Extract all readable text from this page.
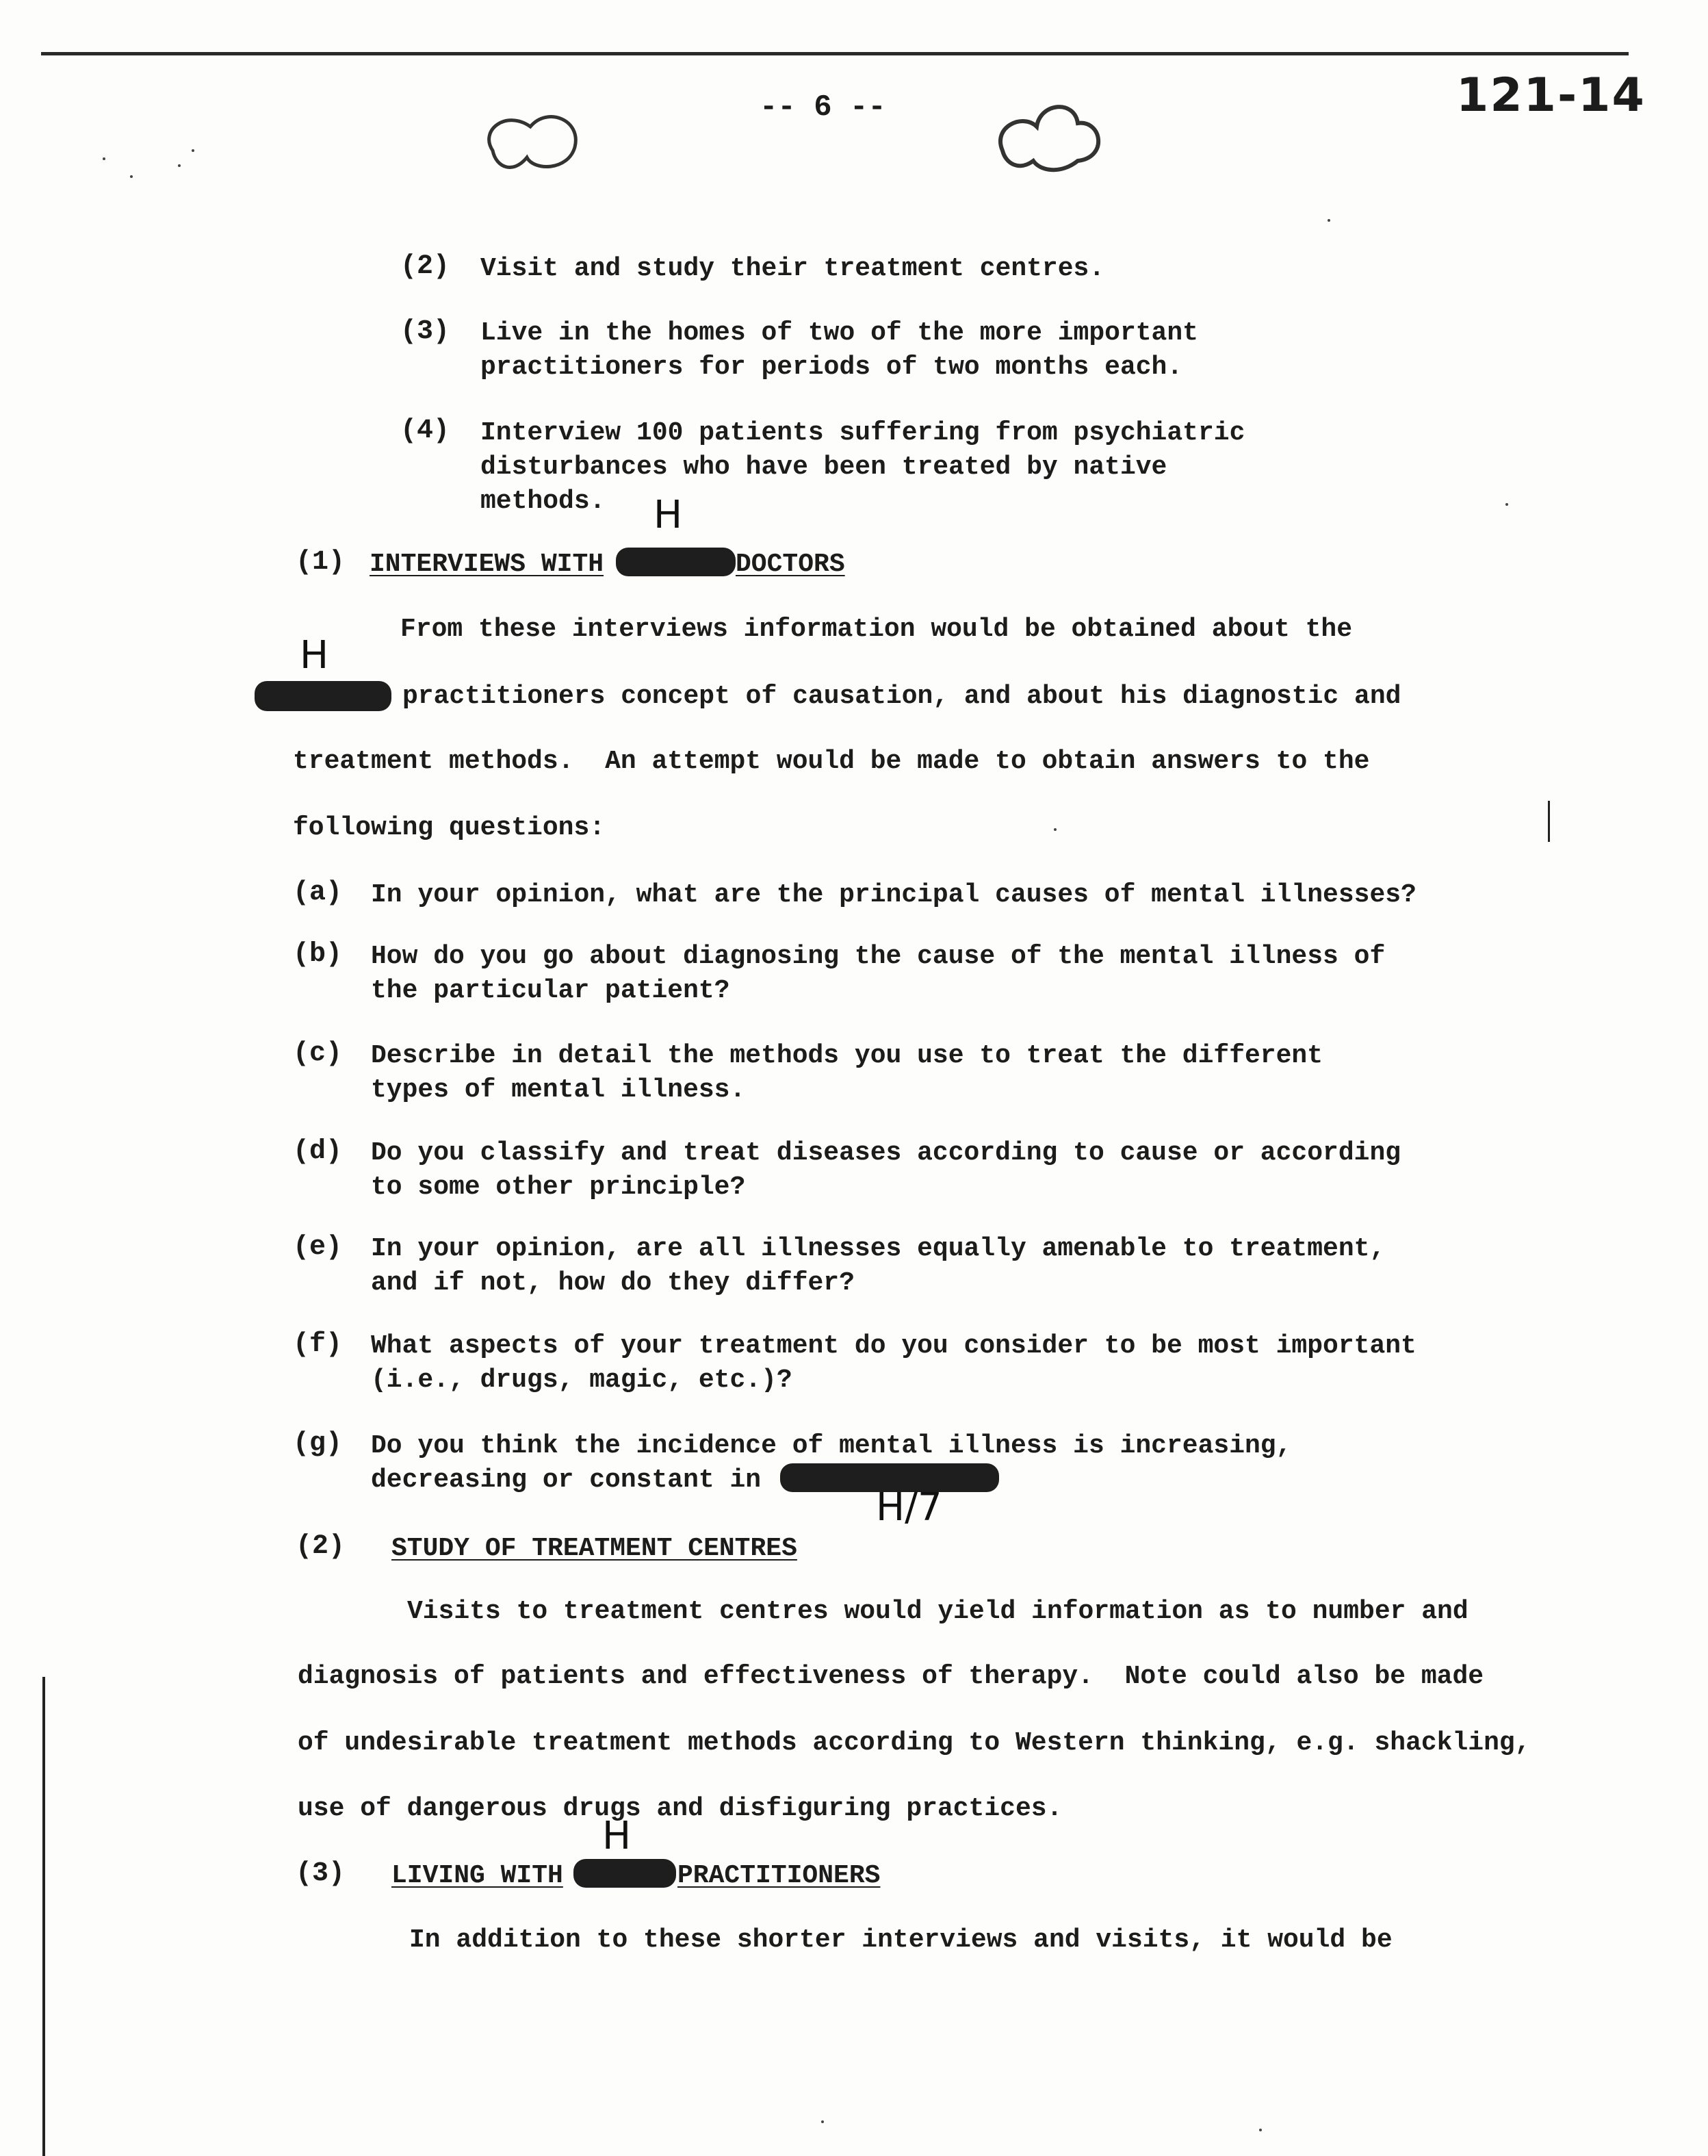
-- 6 --	121-14
(2) Visit and study their treatment centres.
(3) Live in the homes of two of the more important
practitioners for periods of two months each.
(4) Interview 100 patients suffering from psychiatric
disturbances who have been treated by native
methods.
(1) INTERVIEWS WITH	DOCTORS
H
From these interviews information would be obtained about the
H
practitioners concept of causation, and about his diagnostic and
treatment methods.  An attempt would be made to obtain answers to the
following questions:
(a) In your opinion, what are the principal causes of mental illnesses?
(b) How do you go about diagnosing the cause of the mental illness of
the particular patient?
(c) Describe in detail the methods you use to treat the different
types of mental illness.
(d) Do you classify and treat diseases according to cause or according
to some other principle?
(e) In your opinion, are all illnesses equally amenable to treatment,
and if not, how do they differ?
(f) What aspects of your treatment do you consider to be most important
(i.e., drugs, magic, etc.)?
(g) Do you think the incidence of mental illness is increasing,
decreasing or constant in
H/7
(2) STUDY OF TREATMENT CENTRES
Visits to treatment centres would yield information as to number and
diagnosis of patients and effectiveness of therapy.  Note could also be made
of undesirable treatment methods according to Western thinking, e.g. shackling,
use of dangerous drugs and disfiguring practices.
(3) LIVING WITH	PRACTITIONERS
H
In addition to these shorter interviews and visits, it would be
